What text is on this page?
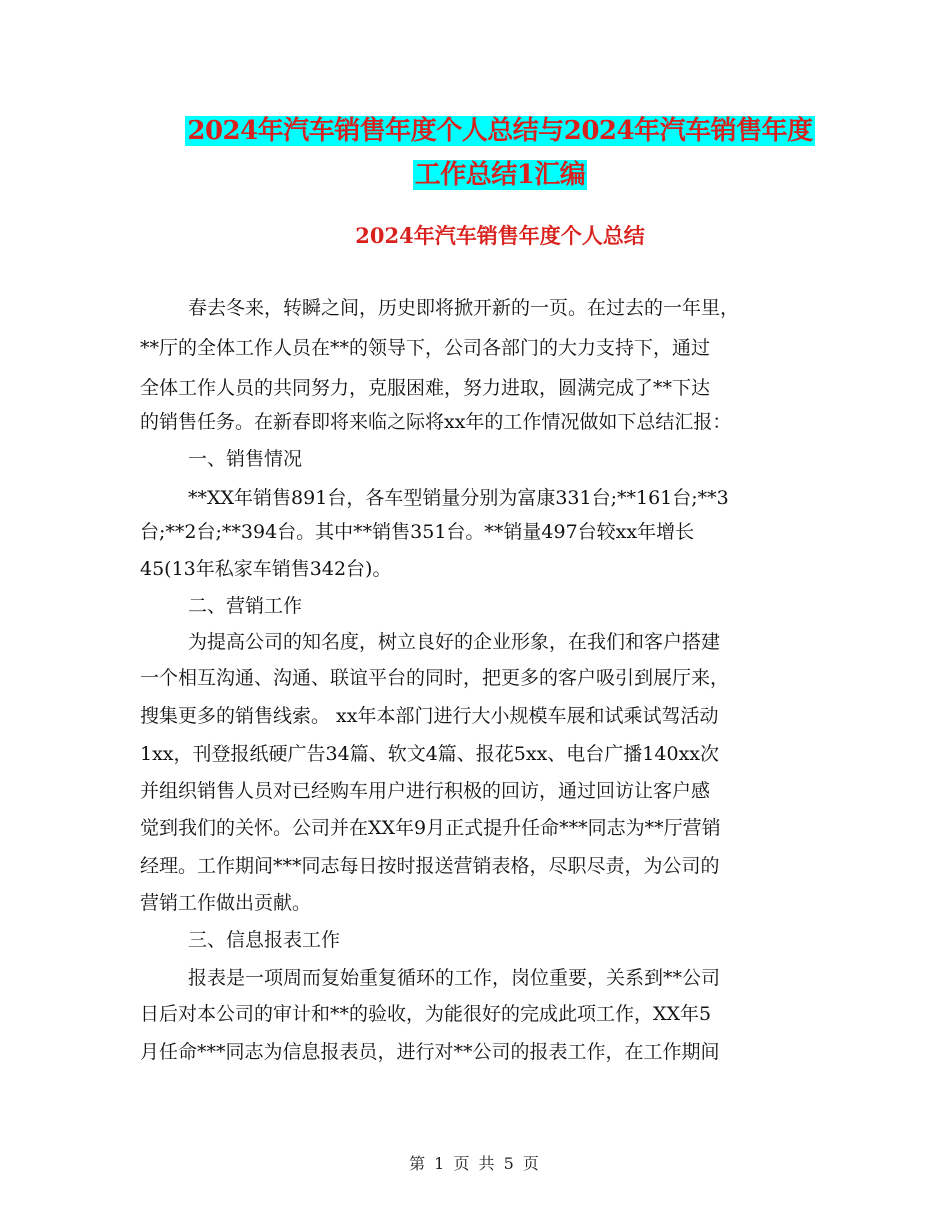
2024年汽车销售年度个人总结与2024年汽车销售年度
工作总结1汇编
2024年汽车销售年度个人总结
春去冬来，转瞬之间，历史即将掀开新的一页。在过去的一年里，
**厅的全体工作人员在**的领导下，公司各部门的大力支持下，通过
全体工作人员的共同努力，克服困难，努力进取，圆满完成了**下达
的销售任务。在新春即将来临之际将xx年的工作情况做如下总结汇报：
一、销售情况
**XX年销售891台，各车型销量分别为富康331台;**161台;**3
台;**2台;**394台。其中**销售351台。**销量497台较xx年增长
45(13年私家车销售342台)。
二、营销工作
为提高公司的知名度，树立良好的企业形象，在我们和客户搭建
一个相互沟通、沟通、联谊平台的同时，把更多的客户吸引到展厅来，
搜集更多的销售线索。 xx年本部门进行大小规模车展和试乘试驾活动
1xx，刊登报纸硬广告34篇、软文4篇、报花5xx、电台广播140xx次
并组织销售人员对已经购车用户进行积极的回访，通过回访让客户感
觉到我们的关怀。公司并在XX年9月正式提升任命***同志为**厅营销
经理。工作期间***同志每日按时报送营销表格，尽职尽责，为公司的
营销工作做出贡献。
三、信息报表工作
报表是一项周而复始重复循环的工作，岗位重要，关系到**公司
日后对本公司的审计和**的验收，为能很好的完成此项工作，XX年5
月任命***同志为信息报表员，进行对**公司的报表工作，在工作期间
第 1 页 共 5 页
